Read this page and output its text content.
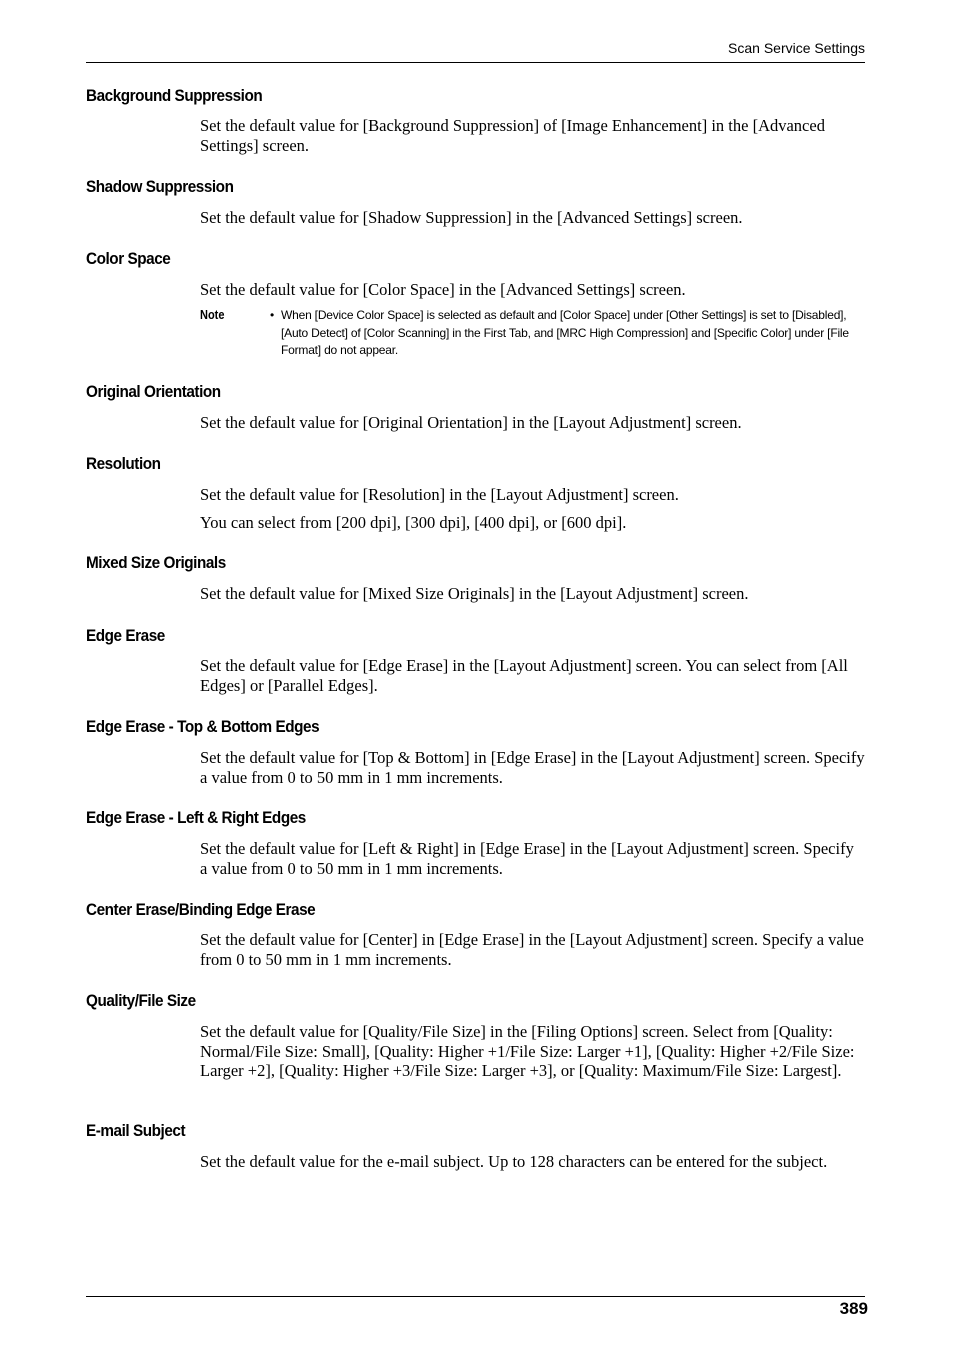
Scan Service Settings
Background Suppression

Set the default value for [Background Suppression] of [Image Enhancement] in the [Advanced Settings] screen.

Shadow Suppression

Set the default value for [Shadow Suppression] in the [Advanced Settings] screen.

Color Space

Set the default value for [Color Space] in the [Advanced Settings] screen.

Note	• When [Device Color Space] is selected as default and [Color Space] under [Other Settings] is set to [Disabled], [Auto Detect] of [Color Scanning] in the First Tab, and [MRC High Compression] and [Specific Color] under [File Format] do not appear.
Original Orientation

Set the default value for [Original Orientation] in the [Layout Adjustment] screen.

Resolution

Set the default value for [Resolution] in the [Layout Adjustment] screen.

You can select from [200 dpi], [300 dpi], [400 dpi], or [600 dpi].

Mixed Size Originals

Set the default value for [Mixed Size Originals] in the [Layout Adjustment] screen.

Edge Erase

Set the default value for [Edge Erase] in the [Layout Adjustment] screen. You can select from [All Edges] or [Parallel Edges].

Edge Erase - Top & Bottom Edges

Set the default value for [Top & Bottom] in [Edge Erase] in the [Layout Adjustment] screen. Specify a value from 0 to 50 mm in 1 mm increments.

Edge Erase - Left & Right Edges

Set the default value for [Left & Right] in [Edge Erase] in the [Layout Adjustment] screen. Specify a value from 0 to 50 mm in 1 mm increments.

Center Erase/Binding Edge Erase

Set the default value for [Center] in [Edge Erase] in the [Layout Adjustment] screen. Specify a value from 0 to 50 mm in 1 mm increments.

Quality/File Size

Set the default value for [Quality/File Size] in the [Filing Options] screen. Select from [Quality: Normal/File Size: Small], [Quality: Higher +1/File Size: Larger +1], [Quality: Higher +2/File Size: Larger +2], [Quality: Higher +3/File Size: Larger +3], or [Quality: Maximum/File Size: Largest].

E-mail Subject

Set the default value for the e-mail subject. Up to 128 characters can be entered for the subject.

389
